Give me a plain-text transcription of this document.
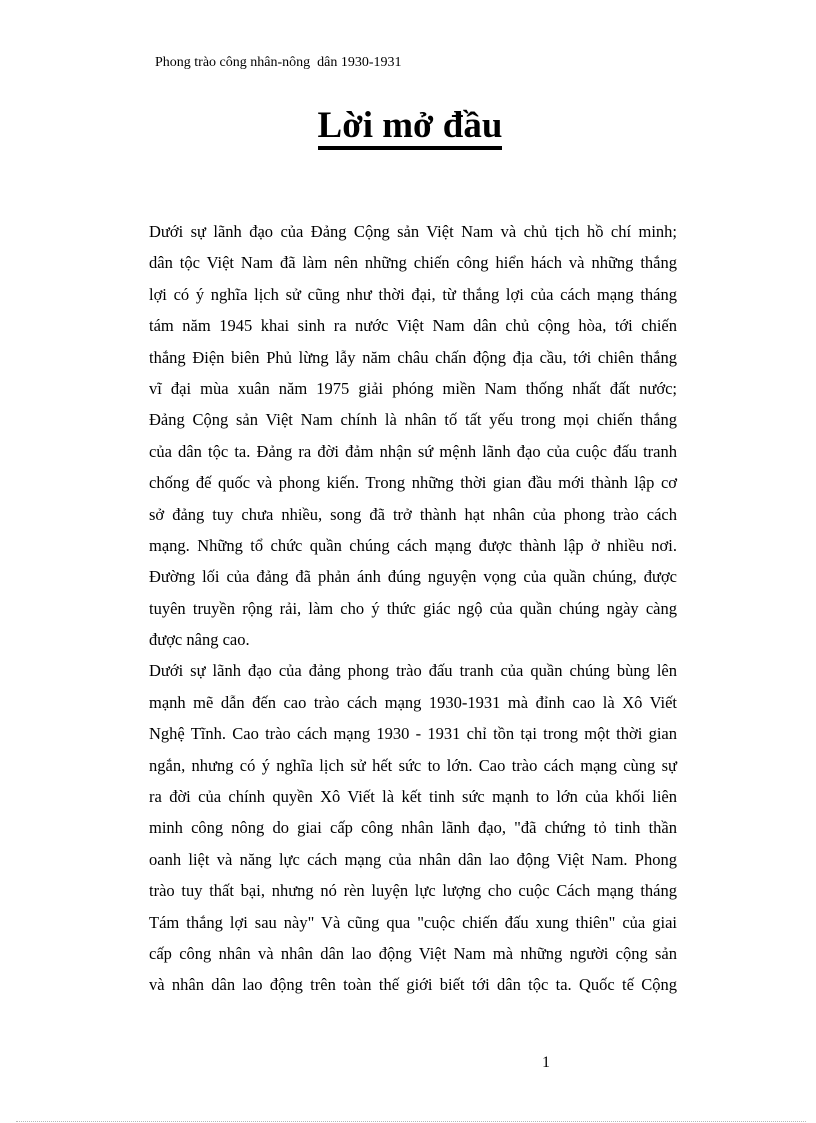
Phong trào công nhân-nông  dân 1930-1931
Lời mở đầu
Dưới sự lãnh đạo của Đảng Cộng sản Việt Nam và chủ tịch hồ chí minh;
dân tộc Việt Nam đã làm nên những chiến công hiển hách và những thắng
lợi có ý nghĩa lịch sử cũng như thời đại, từ thắng lợi của cách mạng tháng
tám năm 1945 khai sinh ra nước Việt Nam dân chủ cộng hòa, tới chiến
thắng Điện biên Phủ lừng lẫy năm châu chấn động địa cầu, tới chiên thắng
vĩ đại mùa xuân năm 1975 giải phóng miền Nam thống nhất đất nước;
Đảng Cộng sản Việt Nam chính là nhân tố tất yếu trong mọi chiến thắng
của dân tộc ta. Đảng ra đời đảm nhận sứ mệnh lãnh đạo của cuộc đấu tranh
chống đế quốc và phong kiến. Trong những thời gian đầu mới thành lập cơ
sở đảng tuy chưa nhiều, song đã trở thành hạt nhân của phong trào cách
mạng. Những tổ chức quần chúng cách mạng được thành lập ở nhiều nơi.
Đường lối của đảng đã phản ánh đúng nguyện vọng của quần chúng, được
tuyên truyền rộng rải, làm cho ý thức giác ngộ của quần chúng ngày càng
được nâng cao.
Dưới sự lãnh đạo của đảng phong trào đấu tranh của quần chúng bùng lên
mạnh mẽ dẫn đến cao trào cách mạng 1930-1931 mà đỉnh cao là Xô Viết
Nghệ Tĩnh. Cao trào cách mạng 1930 - 1931 chỉ tồn tại trong một thời gian
ngắn, nhưng có ý nghĩa lịch sử hết sức to lớn. Cao trào cách mạng cùng sự
ra đời của chính quyền Xô Viết là kết tinh sức mạnh to lớn của khối liên
minh công nông do giai cấp công nhân lãnh đạo, "đã chứng tỏ tinh thần
oanh liệt và năng lực cách mạng của nhân dân lao động Việt Nam. Phong
trào tuy thất bại, nhưng nó rèn luyện lực lượng cho cuộc Cách mạng tháng
Tám thắng lợi sau này" Và cũng qua "cuộc chiến đấu xung thiên" của giai
cấp công nhân và nhân dân lao động Việt Nam mà những người cộng sản
và nhân dân lao động trên toàn thế giới biết tới dân tộc ta. Quốc tế Cộng
1
